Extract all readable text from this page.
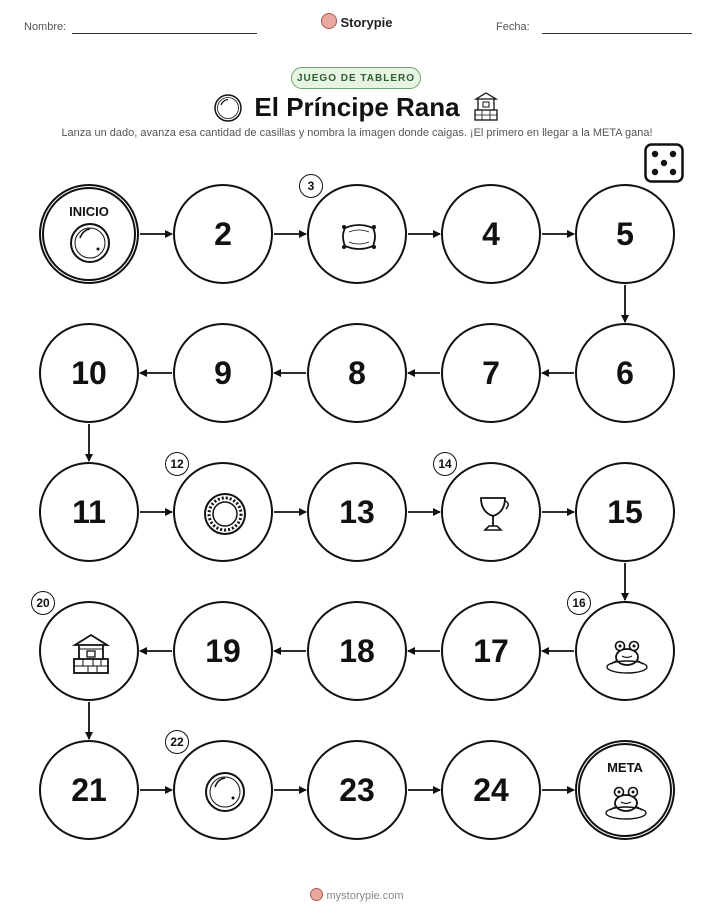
Nombre:	Storypie	Fecha:
JUEGO DE TABLERO
El Príncipe Rana
Lanza un dado, avanza esa cantidad de casillas y nombra la imagen donde caigas. ¡El primero en llegar a la META gana!
INICIO
2
3
4	5
6
7
8
9
10
11
12
13
14
15
16
17
18
19
20
21
22
23	24
META
mystorypie.com
